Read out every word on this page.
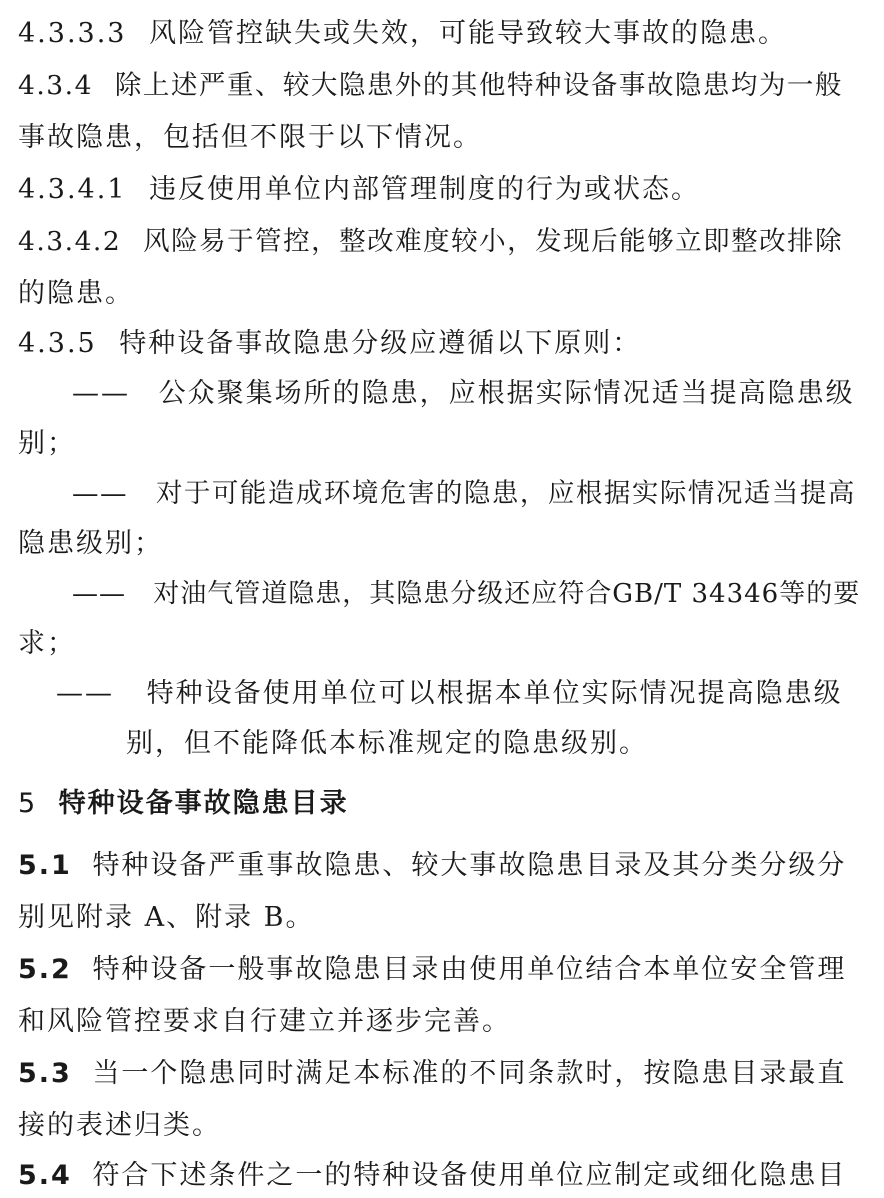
4.3.3.3 风险管控缺失或失效，可能导致较大事故的隐患。
4.3.4 除上述严重、较大隐患外的其他特种设备事故隐患均为一般
事故隐患，包括但不限于以下情况。
4.3.4.1 违反使用单位内部管理制度的行为或状态。
4.3.4.2 风险易于管控，整改难度较小，发现后能够立即整改排除
的隐患。
4.3.5 特种设备事故隐患分级应遵循以下原则：
—— 公众聚集场所的隐患，应根据实际情况适当提高隐患级
别；
—— 对于可能造成环境危害的隐患，应根据实际情况适当提高
隐患级别；
—— 对油气管道隐患，其隐患分级还应符合GB/T 34346等的要
求；
—— 特种设备使用单位可以根据本单位实际情况提高隐患级
别，但不能降低本标准规定的隐患级别。
5 特种设备事故隐患目录
5.1 特种设备严重事故隐患、较大事故隐患目录及其分类分级分
别见附录 A、附录 B。
5.2 特种设备一般事故隐患目录由使用单位结合本单位安全管理
和风险管控要求自行建立并逐步完善。
5.3 当一个隐患同时满足本标准的不同条款时，按隐患目录最直
接的表述归类。
5.4 符合下述条件之一的特种设备使用单位应制定或细化隐患目
